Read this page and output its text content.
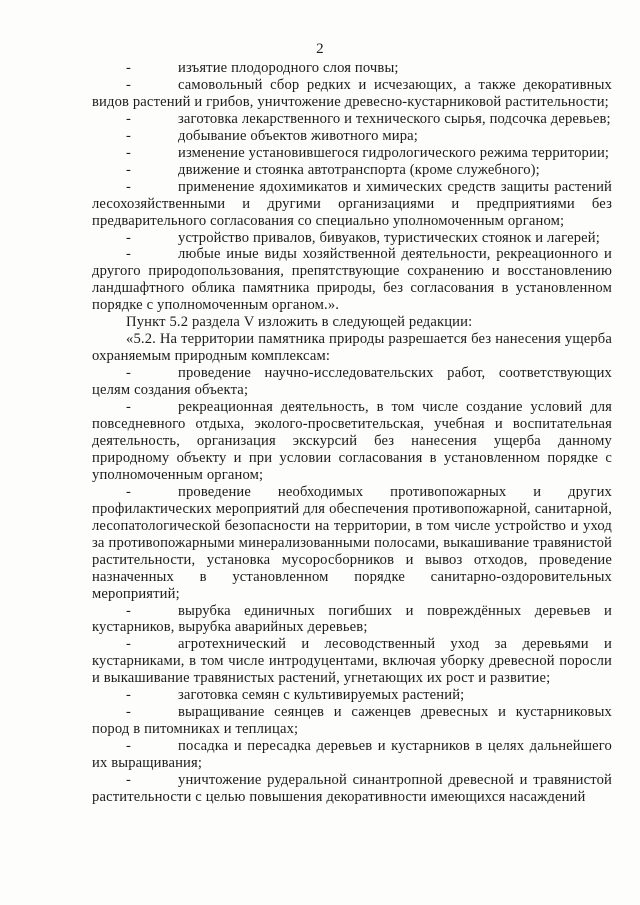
2

-	изъятие плодородного слоя почвы;

-	самовольный сбор редких и исчезающих, а также декоративных видов растений и грибов, уничтожение древесно-кустарниковой растительности;

-	заготовка лекарственного и технического сырья, подсочка деревьев;

-	добывание объектов животного мира;

-	изменение установившегося гидрологического режима территории;

-	движение и стоянка автотранспорта (кроме служебного);

-	применение ядохимикатов и химических средств защиты растений лесохозяйственными и другими организациями и предприятиями без предварительного согласования со специально уполномоченным органом;

-	устройство привалов, бивуаков, туристических стоянок и лагерей;

-	любые иные виды хозяйственной деятельности, рекреационного и другого природопользования, препятствующие сохранению и восстановлению ландшафтного облика памятника природы, без согласования в установленном порядке с уполномоченным органом.».

Пункт 5.2 раздела V изложить в следующей редакции:

«5.2. На территории памятника природы разрешается без нанесения ущерба охраняемым природным комплексам:

-	проведение научно-исследовательских работ, соответствующих целям создания объекта;

-	рекреационная деятельность, в том числе создание условий для повседневного отдыха, эколого-просветительская, учебная и воспитательная деятельность, организация экскурсий без нанесения ущерба данному природному объекту и при условии согласования в установленном порядке с уполномоченным органом;

-	проведение необходимых противопожарных и других профилактических мероприятий для обеспечения противопожарной, санитарной, лесопатологической безопасности на территории, в том числе устройство и уход за противопожарными минерализованными полосами, выкашивание травянистой растительности, установка мусоросборников и вывоз отходов, проведение назначенных в установленном порядке санитарно-оздоровительных мероприятий;

-	вырубка единичных погибших и повреждённых деревьев и кустарников, вырубка аварийных деревьев;

-	агротехнический и лесоводственный уход за деревьями и кустарниками, в том числе интродуцентами, включая уборку древесной поросли и выкашивание травянистых растений, угнетающих их рост и развитие;

-	заготовка семян с культивируемых растений;

-	выращивание сеянцев и саженцев древесных и кустарниковых пород в питомниках и теплицах;

-	посадка и пересадка деревьев и кустарников в целях дальнейшего их выращивания;

-	уничтожение рудеральной синантропной древесной и травянистой растительности с целью повышения декоративности имеющихся насаждений
